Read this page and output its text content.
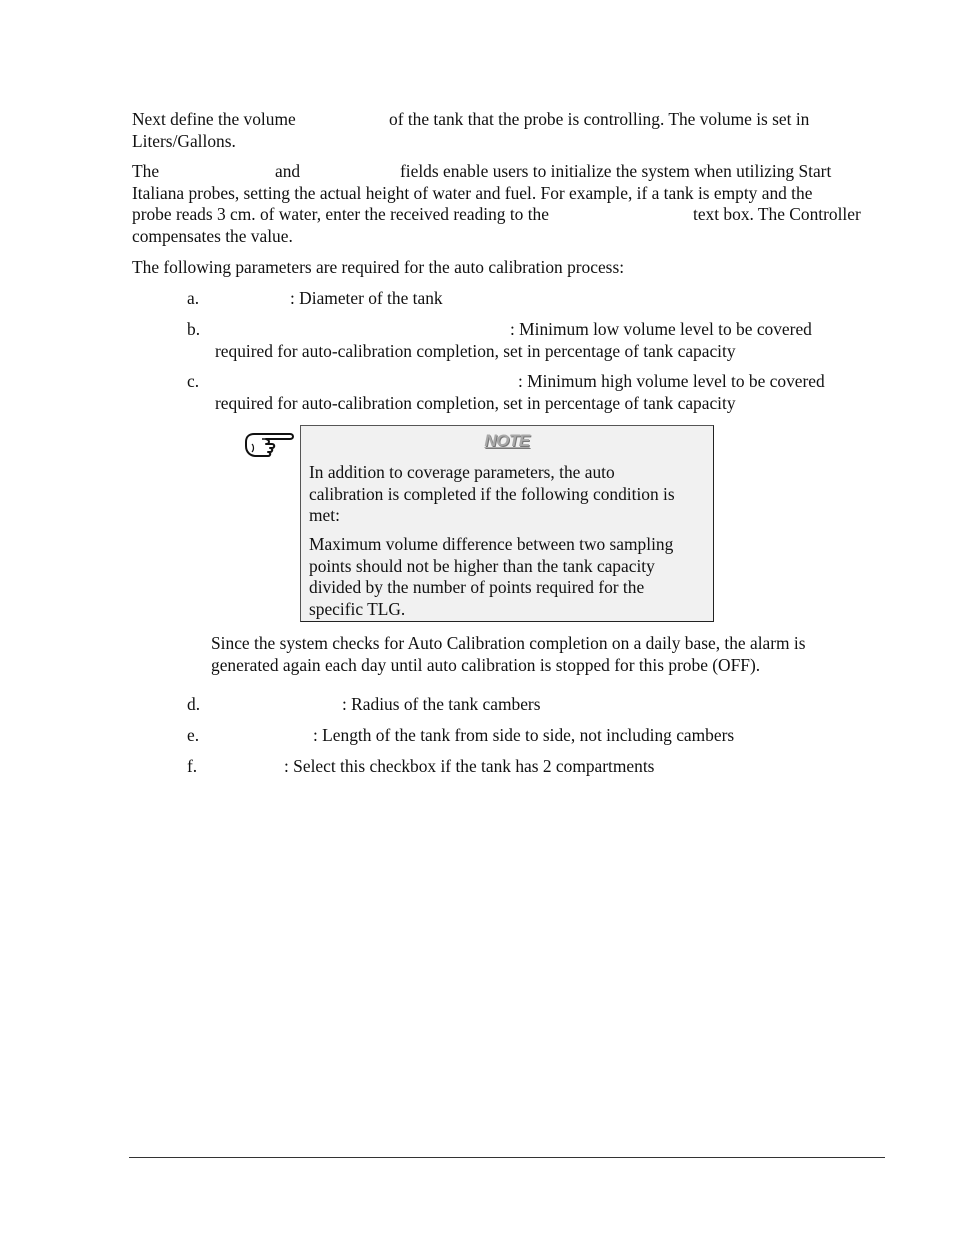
Next define the volume	of the tank that the probe is controlling. The volume is set in
Liters/Gallons.
The	and	fields enable users to initialize the system when utilizing Start
Italiana probes, setting the actual height of water and fuel. For example, if a tank is empty and the
probe reads 3 cm. of water, enter the received reading to the	text box. The Controller
compensates the value.
The following parameters are required for the auto calibration process:
a.	: Diameter of the tank
b.	: Minimum low volume level to be covered
required for auto-calibration completion, set in percentage of tank capacity
c.	: Minimum high volume level to be covered
required for auto-calibration completion, set in percentage of tank capacity
NOTE
In addition to coverage parameters, the auto
calibration is completed if the following condition is
met:
Maximum volume difference between two sampling
points should not be higher than the tank capacity
divided by the number of points required for the
specific TLG.
Since the system checks for Auto Calibration completion on a daily base, the alarm is
generated again each day until auto calibration is stopped for this probe (OFF).
d.	: Radius of the tank cambers
e.	: Length of the tank from side to side, not including cambers
f.	: Select this checkbox if the tank has 2 compartments
